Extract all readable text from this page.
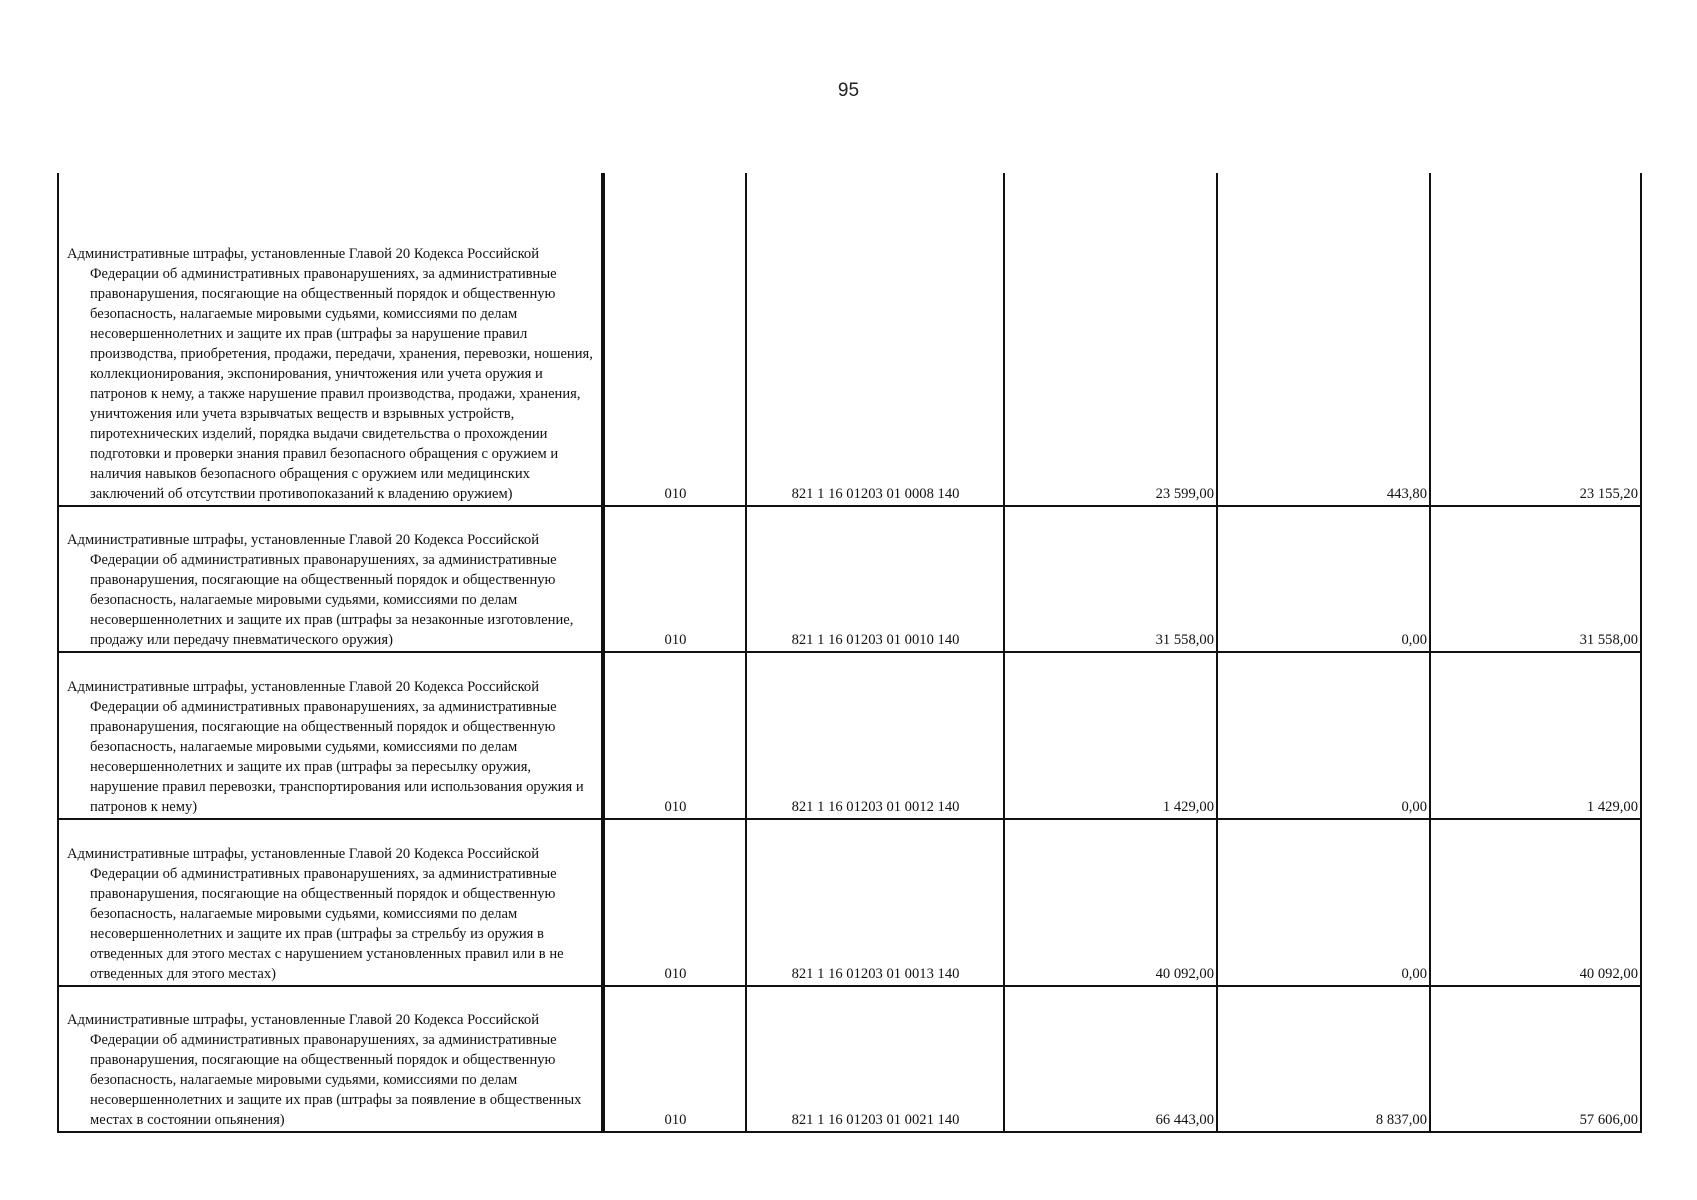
95
Административные штрафы, установленные Главой 20 Кодекса Российской Федерации об административных правонарушениях, за административные правонарушения, посягающие на общественный порядок и общественную безопасность, налагаемые мировыми судьями, комиссиями по делам несовершеннолетних и защите их прав (штрафы за нарушение правил производства, приобретения, продажи, передачи, хранения, перевозки, ношения, коллекционирования, экспонирования, уничтожения или учета оружия и патронов к нему, а также нарушение правил производства, продажи, хранения, уничтожения или учета взрывчатых веществ и взрывных устройств, пиротехнических изделий, порядка выдачи свидетельства о прохождении подготовки и проверки знания правил безопасного обращения с оружием и наличия навыков безопасного обращения с оружием или медицинских заключений об отсутствии противопоказаний к владению оружием)	010	821 1 16 01203 01 0008 140	23 599,00	443,80	23 155,20
Административные штрафы, установленные Главой 20 Кодекса Российской Федерации об административных правонарушениях, за административные правонарушения, посягающие на общественный порядок и общественную безопасность, налагаемые мировыми судьями, комиссиями по делам несовершеннолетних и защите их прав (штрафы за незаконные изготовление, продажу или передачу пневматического оружия)	010	821 1 16 01203 01 0010 140	31 558,00	0,00	31 558,00
Административные штрафы, установленные Главой 20 Кодекса Российской Федерации об административных правонарушениях, за административные правонарушения, посягающие на общественный порядок и общественную безопасность, налагаемые мировыми судьями, комиссиями по делам несовершеннолетних и защите их прав (штрафы за пересылку оружия, нарушение правил перевозки, транспортирования или использования оружия и патронов к нему)	010	821 1 16 01203 01 0012 140	1 429,00	0,00	1 429,00
Административные штрафы, установленные Главой 20 Кодекса Российской Федерации об административных правонарушениях, за административные правонарушения, посягающие на общественный порядок и общественную безопасность, налагаемые мировыми судьями, комиссиями по делам несовершеннолетних и защите их прав (штрафы за стрельбу из оружия в отведенных для этого местах с нарушением установленных правил или в не отведенных для этого местах)	010	821 1 16 01203 01 0013 140	40 092,00	0,00	40 092,00
Административные штрафы, установленные Главой 20 Кодекса Российской Федерации об административных правонарушениях, за административные правонарушения, посягающие на общественный порядок и общественную безопасность, налагаемые мировыми судьями, комиссиями по делам несовершеннолетних и защите их прав (штрафы за появление в общественных местах в состоянии опьянения)	010	821 1 16 01203 01 0021 140	66 443,00	8 837,00	57 606,00
